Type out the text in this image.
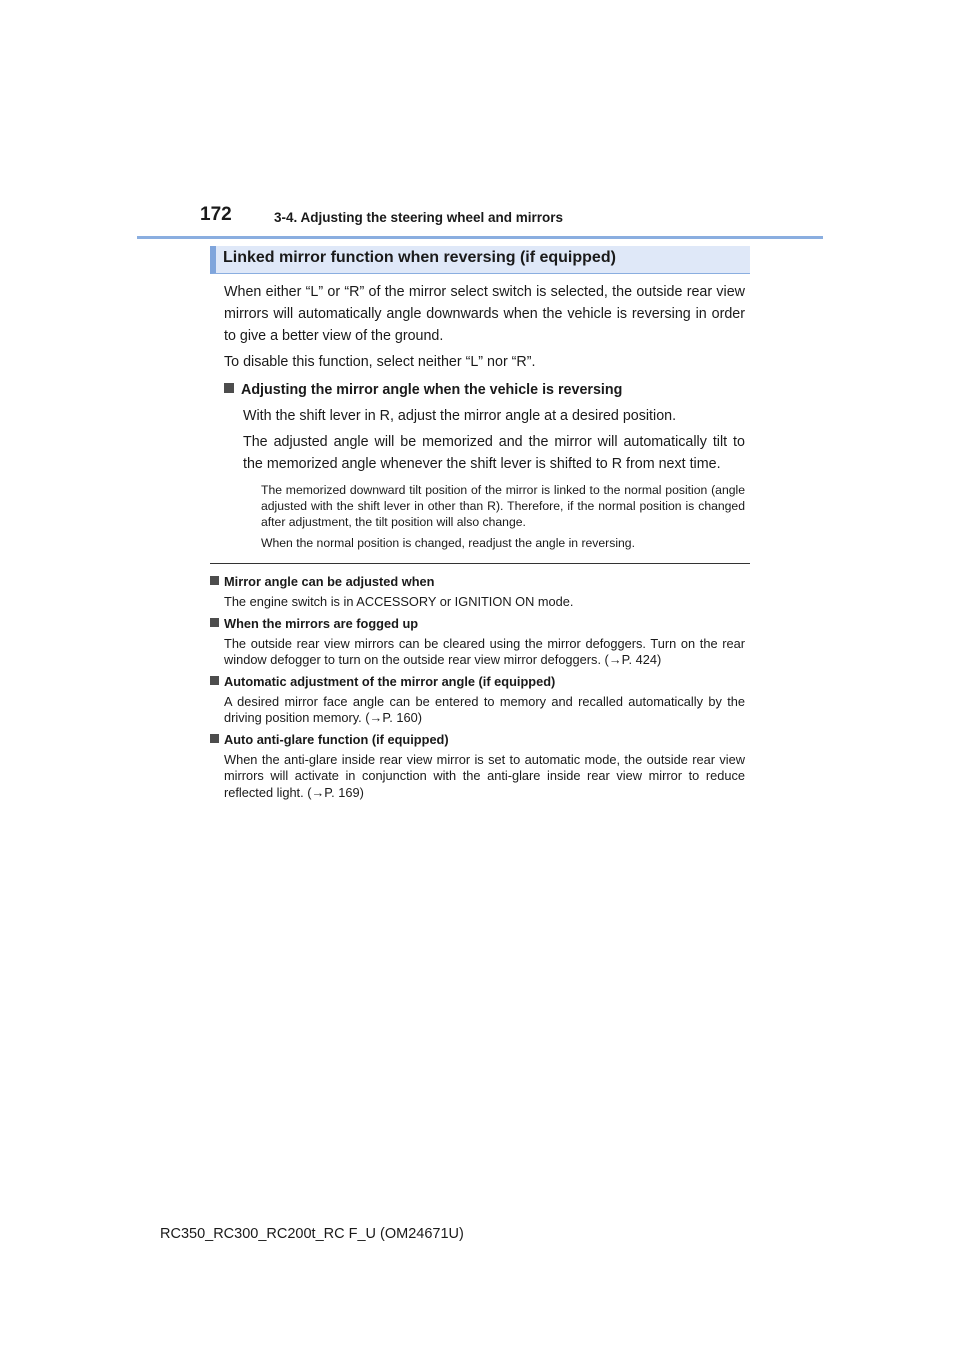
172	3-4. Adjusting the steering wheel and mirrors
Linked mirror function when reversing (if equipped)
When either “L” or “R” of the mirror select switch is selected, the outside rear view mirrors will automatically angle downwards when the vehicle is reversing in order to give a better view of the ground.
To disable this function, select neither “L” nor “R”.
Adjusting the mirror angle when the vehicle is reversing
With the shift lever in R, adjust the mirror angle at a desired position.
The adjusted angle will be memorized and the mirror will automatically tilt to the memorized angle whenever the shift lever is shifted to R from next time.
The memorized downward tilt position of the mirror is linked to the normal position (angle adjusted with the shift lever in other than R). Therefore, if the normal position is changed after adjustment, the tilt position will also change.
When the normal position is changed, readjust the angle in reversing.
Mirror angle can be adjusted when
The engine switch is in ACCESSORY or IGNITION ON mode.
When the mirrors are fogged up
The outside rear view mirrors can be cleared using the mirror defoggers. Turn on the rear window defogger to turn on the outside rear view mirror defoggers. (→P. 424)
Automatic adjustment of the mirror angle (if equipped)
A desired mirror face angle can be entered to memory and recalled automatically by the driving position memory. (→P. 160)
Auto anti-glare function (if equipped)
When the anti-glare inside rear view mirror is set to automatic mode, the outside rear view mirrors will activate in conjunction with the anti-glare inside rear view mirror to reduce reflected light. (→P. 169)
RC350_RC300_RC200t_RC F_U (OM24671U)
